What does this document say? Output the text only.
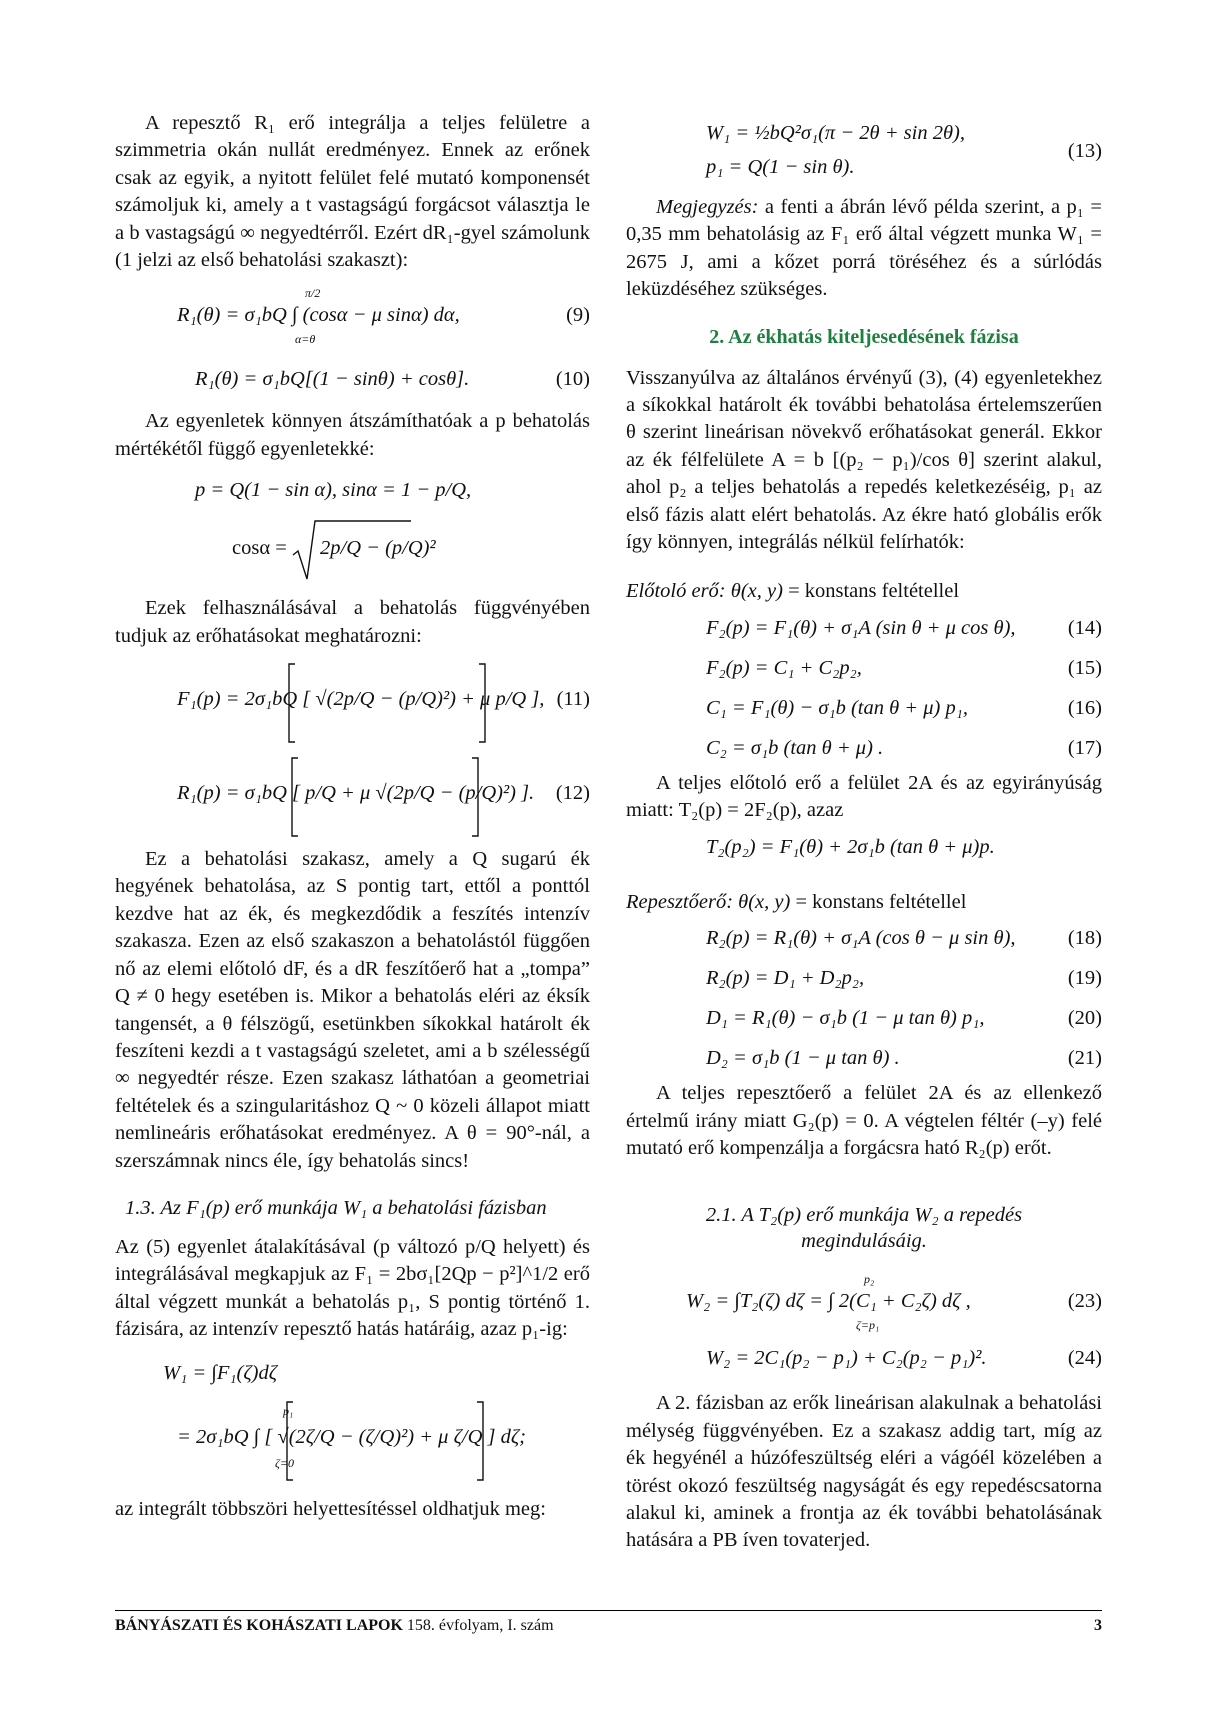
A repesztő R₁ erő integrálja a teljes felületre a szimmetria okán nullát eredményez. Ennek az erőnek csak az egyik, a nyitott felület felé mutató komponensét számoljuk ki, amely a t vastagságú forgácsot választja le a b vastagságú ∞ negyedtérről. Ezért dR₁-gyel számolunk (1 jelzi az első behatolási szakaszt):

R₁(θ) = σ₁bQ ∫ (cosα − μ sinα) dα,
π/2
α=θ
(9)
R₁(θ) = σ₁bQ[(1 − sinθ) + cosθ].	(10)

Az egyenletek könnyen átszámíthatóak a p behatolás mértékétől függő egyenletekké:

p = Q(1 − sin α), sinα = 1 − p/Q,
cosα = 2p/Q − (p/Q)²

Ezek felhasználásával a behatolás függvényében tudjuk az erőhatásokat meghatározni:

F₁(p) = 2σ₁bQ [ √(2p/Q − (p/Q)²) + μ p/Q ], (11)
R₁(p) = σ₁bQ [ p/Q + μ √(2p/Q − (p/Q)²) ]. (12)

Ez a behatolási szakasz, amely a Q sugarú ék hegyének behatolása, az S pontig tart, ettől a ponttól kezdve hat az ék, és megkezdődik a feszítés intenzív szakasza. Ezen az első szakaszon a behatolástól függően nő az elemi előtoló dF, és a dR feszítőerő hat a „tompa” Q ≠ 0 hegy esetében is. Mikor a behatolás eléri az éksík tangensét, a θ félszögű, esetünkben síkokkal határolt ék feszíteni kezdi a t vastagságú szeletet, ami a b szélességű ∞ negyedtér része. Ezen szakasz láthatóan a geometriai feltételek és a szingularitáshoz Q ~ 0 közeli állapot miatt nemlineáris erőhatásokat eredményez. A θ = 90°-nál, a szerszámnak nincs éle, így behatolás sincs!

1.3. Az F₁(p) erő munkája W₁ a behatolási fázisban

Az (5) egyenlet átalakításával (p változó p/Q helyett) és integrálásával megkapjuk az F₁ = 2bσ₁[2Qp − p²]^1/2 erő által végzett munkát a behatolás p₁, S pontig történő 1. fázisára, az intenzív repesztő hatás határáig, azaz p₁-ig:

W₁ = ∫F₁(ζ)dζ
= 2σ₁bQ ∫ [ √(2ζ/Q − (ζ/Q)²) + μ ζ/Q ] dζ;
p₁
ζ=0

az integrált többszöri helyettesítéssel oldhatjuk meg:

W₁ = ½bQ²σ₁(π − 2θ + sin 2θ),
p₁ = Q(1 − sin θ).
(13)

Megjegyzés: a fenti a ábrán lévő példa szerint, a p₁ = 0,35 mm behatolásig az F₁ erő által végzett munka W₁ = 2675 J, ami a kőzet porrá töréséhez és a súrlódás leküzdéséhez szükséges.

2. Az ékhatás kiteljesedésének fázisa

Visszanyúlva az általános érvényű (3), (4) egyenletekhez a síkokkal határolt ék további behatolása értelemszerűen θ szerint lineárisan növekvő erőhatásokat generál. Ekkor az ék félfelülete A = b [(p₂ − p₁)/cos θ] szerint alakul, ahol p₂ a teljes behatolás a repedés keletkezéséig, p₁ az első fázis alatt elért behatolás. Az ékre ható globális erők így könnyen, integrálás nélkül felírhatók:

Előtoló erő: θ(x, y) = konstans feltétellel

F₂(p) = F₁(θ) + σ₁A (sin θ + μ cos θ),	(14)
F₂(p) = C₁ + C₂p₂,	(15)
C₁ = F₁(θ) − σ₁b (tan θ + μ) p₁,	(16)
C₂ = σ₁b (tan θ + μ) .	(17)

A teljes előtoló erő a felület 2A és az egyirányúság miatt: T₂(p) = 2F₂(p), azaz

T₂(p₂) = F₁(θ) + 2σ₁b (tan θ + μ)p.

Repesztőerő: θ(x, y) = konstans feltétellel

R₂(p) = R₁(θ) + σ₁A (cos θ − μ sin θ),	(18)
R₂(p) = D₁ + D₂p₂,	(19)
D₁ = R₁(θ) − σ₁b (1 − μ tan θ) p₁,	(20)
D₂ = σ₁b (1 − μ tan θ) .	(21)

A teljes repesztőerő a felület 2A és az ellenkező értelmű irány miatt G₂(p) = 0. A végtelen féltér (–y) felé mutató erő kompenzálja a forgácsra ható R₂(p) erőt.

2.1. A T₂(p) erő munkája W₂ a repedés megindulásáig.
W₂ = ∫T₂(ζ) dζ = ∫ 2(C₁ + C₂ζ) dζ ,
p₂
ζ=p₁
(23)
W₂ = 2C₁(p₂ − p₁) + C₂(p₂ − p₁)².	(24)

A 2. fázisban az erők lineárisan alakulnak a behatolási mélység függvényében. Ez a szakasz addig tart, míg az ék hegyénél a húzófeszültség eléri a vágóél közelében a törést okozó feszültség nagyságát és egy repedéscsatorna alakul ki, aminek a frontja az ék további behatolásának hatására a PB íven tovaterjed.

BÁNYÁSZATI ÉS KOHÁSZATI LAPOK 158. évfolyam, I. szám	3
